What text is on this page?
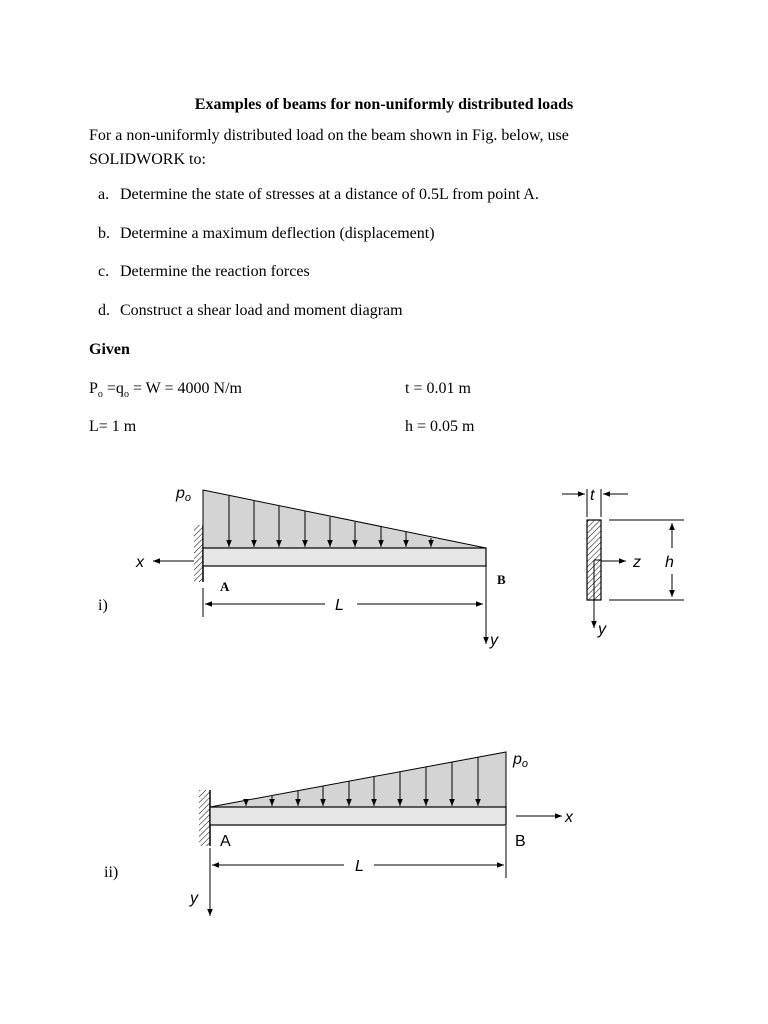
Examples of beams for non-uniformly distributed loads
For a non-uniformly distributed load on the beam shown in Fig. below, use
SOLIDWORK to:
a. Determine the state of stresses at a distance of 0.5L from point A.
b. Determine a maximum deflection (displacement)
c. Determine the reaction forces
d. Construct a shear load and moment diagram
Given
$P_o =q_o = W = 4000$ N/m
L= 1 m
t = 0.01 m
h = 0.05 m
po
x
A	B
L
y
i)
t
z h
y
po
x
A	B
L
y
ii)
